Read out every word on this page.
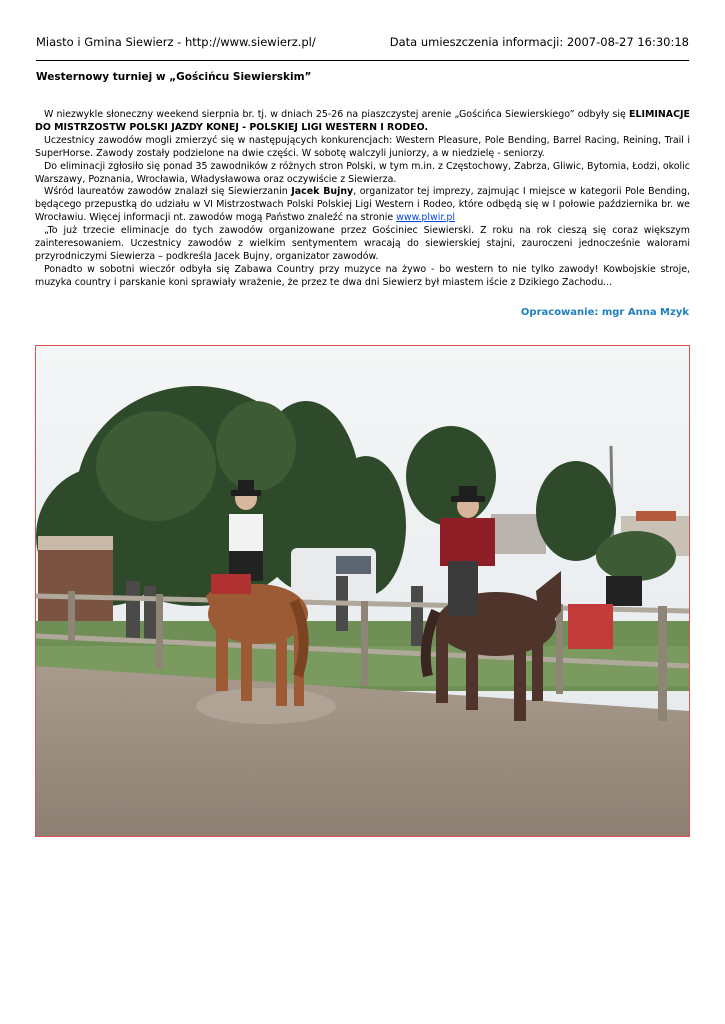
Miasto i Gmina Siewierz - http://www.siewierz.pl/	Data umieszczenia informacji: 2007-08-27 16:30:18
Westernowy turniej w „Gościńcu Siewierskim”

W niezwykle słoneczny weekend sierpnia br. tj. w dniach 25-26 na piaszczystej arenie „Gościńca Siewierskiego” odbyły się ELIMINACJE DO MISTRZOSTW POLSKI JAZDY KONEJ - POLSKIEJ LIGI WESTERN I RODEO.

Uczestnicy zawodów mogli zmierzyć się w następujących konkurencjach: Western Pleasure, Pole Bending, Barrel Racing, Reining, Trail i SuperHorse. Zawody zostały podzielone na dwie części. W sobotę walczyli juniorzy, a w niedzielę - seniorzy.

Do eliminacji zgłosiło się ponad 35 zawodników z różnych stron Polski, w tym m.in. z Częstochowy, Zabrza, Gliwic, Bytomia, Łodzi, okolic Warszawy, Poznania, Wrocławia, Władysławowa oraz oczywiście z Siewierza.

Wśród laureatów zawodów znalazł się Siewierzanin Jacek Bujny, organizator tej imprezy, zajmując I miejsce w kategorii Pole Bending, będącego przepustką do udziału w VI Mistrzostwach Polski Polskiej Ligi Western i Rodeo, które odbędą się w I połowie października br. we Wrocławiu. Więcej informacji nt. zawodów mogą Państwo znaleźć na stronie www.plwir.pl

„To już trzecie eliminacje do tych zawodów organizowane przez Gościniec Siewierski. Z roku na rok cieszą się coraz większym zainteresowaniem. Uczestnicy zawodów z wielkim sentymentem wracają do siewierskiej stajni, zauroczeni jednocześnie walorami przyrodniczymi Siewierza – podkreśla Jacek Bujny, organizator zawodów.

Ponadto w sobotni wieczór odbyła się Zabawa Country przy muzyce na żywo - bo western to nie tylko zawody! Kowbojskie stroje, muzyka country i parskanie koni sprawiały wrażenie, że przez te dwa dni Siewierz był miastem iście z Dzikiego Zachodu...

Opracowanie: mgr Anna Mzyk
